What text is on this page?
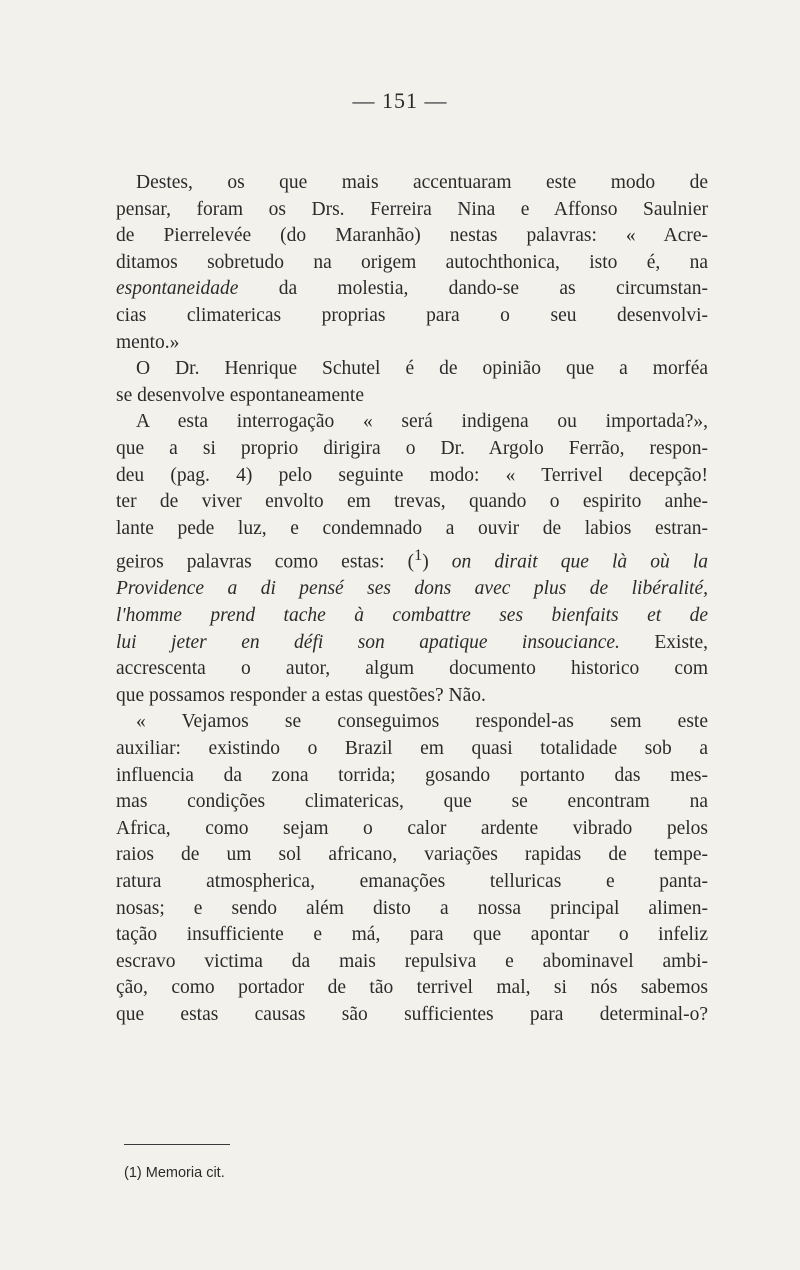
— 151 —
Destes, os que mais accentuaram este modo de
pensar, foram os Drs. Ferreira Nina e Affonso Saulnier
de Pierrelevée (do Maranhão) nestas palavras: « Acre-
ditamos sobretudo na origem autochthonica, isto é, na
espontaneidade da molestia, dando-se as circumstan-
cias climatericas proprias para o seu desenvolvi-
mento.»
O Dr. Henrique Schutel é de opinião que a morféa
se desenvolve espontaneamente
A esta interrogação « será indigena ou importada?»,
que a si proprio dirigira o Dr. Argolo Ferrão, respon-
deu (pag. 4) pelo seguinte modo: « Terrivel decepção!
ter de viver envolto em trevas, quando o espirito anhe-
lante pede luz, e condemnado a ouvir de labios estran-
geiros palavras como estas: ($^1$) on dirait que là où la
Providence a di pensé ses dons avec plus de libéralité,
l'homme prend tache à combattre ses bienfaits et de
lui jeter en défi son apatique insouciance. Existe,
accrescenta o autor, algum documento historico com
que possamos responder a estas questões? Não.
« Vejamos se conseguimos respondel-as sem este
auxiliar: existindo o Brazil em quasi totalidade sob a
influencia da zona torrida; gosando portanto das mes-
mas condições climatericas, que se encontram na
Africa, como sejam o calor ardente vibrado pelos
raios de um sol africano, variações rapidas de tempe-
ratura atmospherica, emanações telluricas e panta-
nosas; e sendo além disto a nossa principal alimen-
tação insufficiente e má, para que apontar o infeliz
escravo victima da mais repulsiva e abominavel ambi-
ção, como portador de tão terrivel mal, si nós sabemos
que estas causas são sufficientes para determinal-o?
(1) Memoria cit.
